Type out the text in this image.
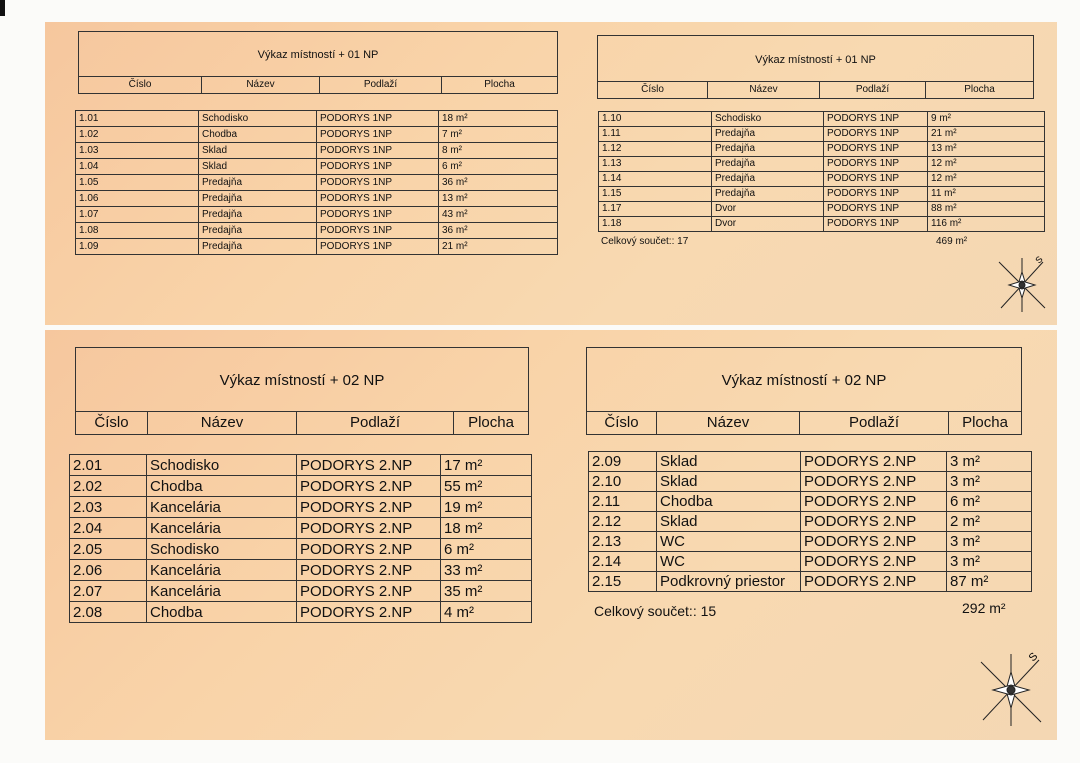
Výkaz místností + 01 NP
Číslo	Název	Podlaží	Plocha
1.01	Schodisko	PODORYS 1NP	18 m²
1.02	Chodba	PODORYS 1NP	7 m²
1.03	Sklad	PODORYS 1NP	8 m²
1.04	Sklad	PODORYS 1NP	6 m²
1.05	Predajňa	PODORYS 1NP	36 m²
1.06	Predajňa	PODORYS 1NP	13 m²
1.07	Predajňa	PODORYS 1NP	43 m²
1.08	Predajňa	PODORYS 1NP	36 m²
1.09	Predajňa	PODORYS 1NP	21 m²
Výkaz místností + 01 NP
Číslo	Název	Podlaží	Plocha
1.10	Schodisko	PODORYS 1NP	9 m²
1.11	Predajňa	PODORYS 1NP	21 m²
1.12	Predajňa	PODORYS 1NP	13 m²
1.13	Predajňa	PODORYS 1NP	12 m²
1.14	Predajňa	PODORYS 1NP	12 m²
1.15	Predajňa	PODORYS 1NP	11 m²
1.17	Dvor	PODORYS 1NP	88 m²
1.18	Dvor	PODORYS 1NP	116 m²
Celkový součet:: 17	469 m²
S
Výkaz místností + 02 NP
Číslo	Název	Podlaží	Plocha
2.01	Schodisko	PODORYS 2.NP	17 m²
2.02	Chodba	PODORYS 2.NP	55 m²
2.03	Kancelária	PODORYS 2.NP	19 m²
2.04	Kancelária	PODORYS 2.NP	18 m²
2.05	Schodisko	PODORYS 2.NP	6 m²
2.06	Kancelária	PODORYS 2.NP	33 m²
2.07	Kancelária	PODORYS 2.NP	35 m²
2.08	Chodba	PODORYS 2.NP	4 m²
Výkaz místností + 02 NP
Číslo	Název	Podlaží	Plocha
2.09	Sklad	PODORYS 2.NP	3 m²
2.10	Sklad	PODORYS 2.NP	3 m²
2.11	Chodba	PODORYS 2.NP	6 m²
2.12	Sklad	PODORYS 2.NP	2 m²
2.13	WC	PODORYS 2.NP	3 m²
2.14	WC	PODORYS 2.NP	3 m²
2.15	Podkrovný priestor	PODORYS 2.NP	87 m²
Celkový součet:: 15	292 m²
S
